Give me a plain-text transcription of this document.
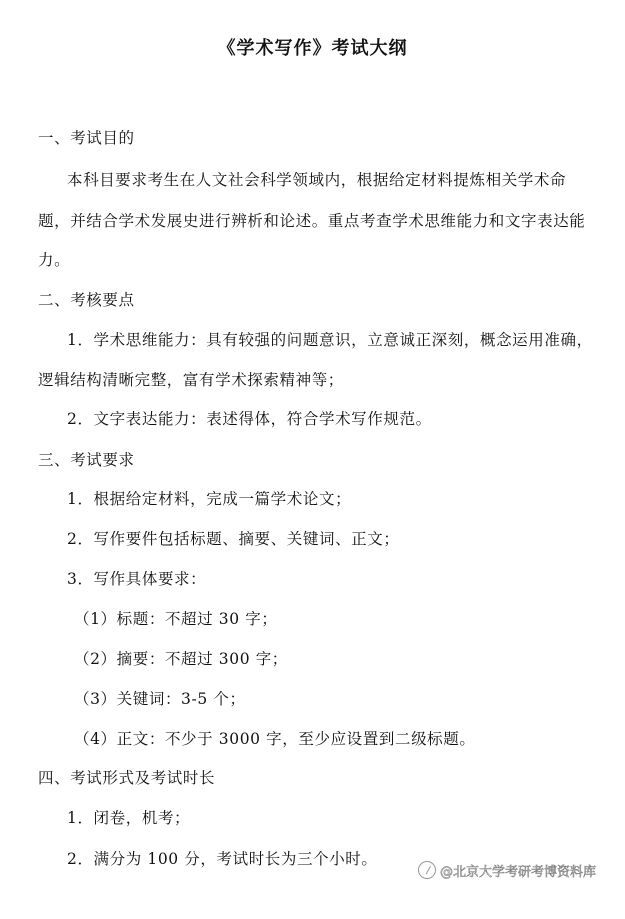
《学术写作》考试大纲
一、考试目的
本科目要求考生在人文社会科学领域内，根据给定材料提炼相关学术命
题，并结合学术发展史进行辨析和论述。重点考查学术思维能力和文字表达能
力。
二、考核要点
1．学术思维能力：具有较强的问题意识，立意诚正深刻，概念运用准确，
逻辑结构清晰完整，富有学术探索精神等；
2．文字表达能力：表述得体，符合学术写作规范。
三、考试要求
1．根据给定材料，完成一篇学术论文；
2．写作要件包括标题、摘要、关键词、正文；
3．写作具体要求：
（1）标题：不超过 30 字；
（2）摘要：不超过 300 字；
（3）关键词：3-5 个；
（4）正文：不少于 3000 字，至少应设置到二级标题。
四、考试形式及考试时长
1．闭卷，机考；
2．满分为 100 分，考试时长为三个小时。
@北京大学考研考博资料库
